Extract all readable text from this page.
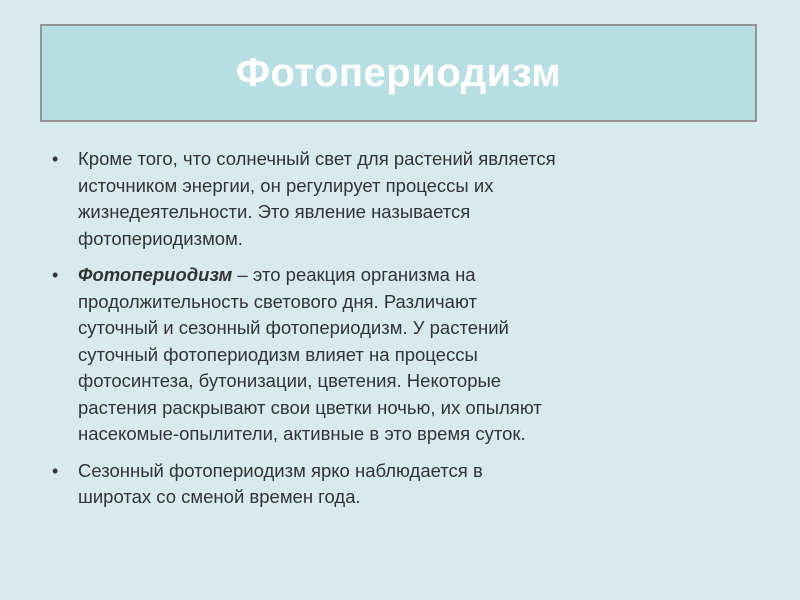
Фотопериодизм
• Кроме того, что солнечный свет для растений является
источником энергии, он регулирует процессы их
жизнедеятельности. Это явление называется
фотопериодизмом.
• Фотопериодизм – это реакция организма на
продолжительность светового дня. Различают
суточный и сезонный фотопериодизм. У растений
суточный фотопериодизм влияет на процессы
фотосинтеза, бутонизации, цветения. Некоторые
растения раскрывают свои цветки ночью, их опыляют
насекомые-опылители, активные в это время суток.
• Сезонный фотопериодизм ярко наблюдается в
широтах со сменой времен года.
